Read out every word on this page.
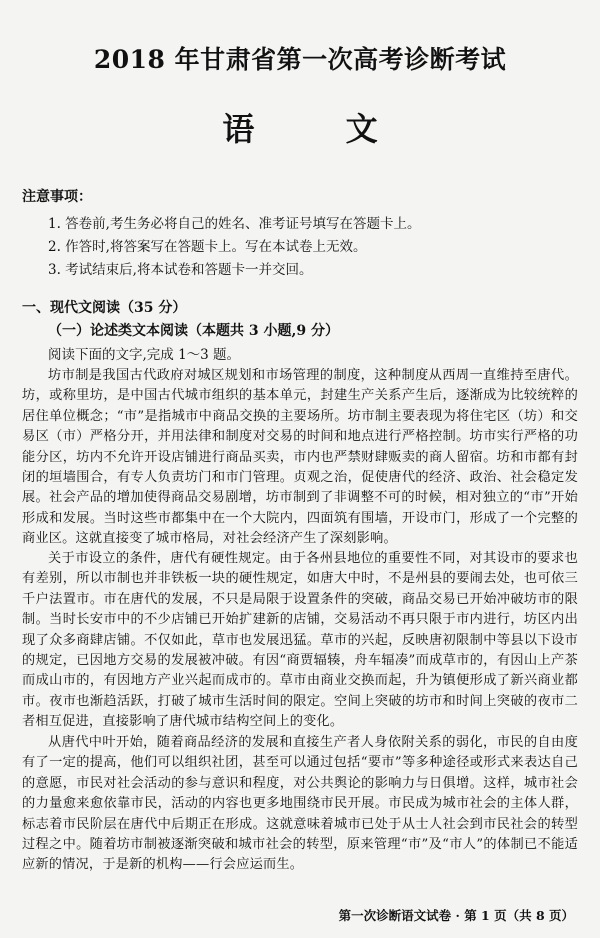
2018 年甘肃省第一次高考诊断考试
语 文
注意事项：
1. 答卷前,考生务必将自己的姓名、准考证号填写在答题卡上。
2. 作答时,将答案写在答题卡上。写在本试卷上无效。
3. 考试结束后,将本试卷和答题卡一并交回。
一、现代文阅读（35 分）
（一）论述类文本阅读（本题共 3 小题,9 分）
阅读下面的文字,完成 1～3 题。
坊市制是我国古代政府对城区规划和市场管理的制度，这种制度从西周一直维持至唐代。坊，或称里坊，是中国古代城市组织的基本单元，封建生产关系产生后，逐渐成为比较统粹的居住单位概念；“市”是指城市中商品交换的主要场所。坊市制主要表现为将住宅区（坊）和交易区（市）严格分开，并用法律和制度对交易的时间和地点进行严格控制。坊市实行严格的功能分区，坊内不允许开设店铺进行商品买卖，市内也严禁财肆贩卖的商人留宿。坊和市都有封闭的垣墙围合，有专人负责坊门和市门管理。贞观之治，促使唐代的经济、政治、社会稳定发展。社会产品的增加使得商品交易剧增，坊市制到了非调整不可的时候，相对独立的“市”开始形成和发展。当时这些市都集中在一个大院内，四面筑有围墙，开设市门，形成了一个完整的商业区。这就直接变了城市格局，对社会经济产生了深刻影响。
关于市设立的条件，唐代有硬性规定。由于各州县地位的重要性不同，对其设市的要求也有差别，所以市制也并非铁板一块的硬性规定，如唐大中时，不是州县的要闹去处，也可依三千户法置市。市在唐代的发展，不只是局限于设置条件的突破，商品交易已开始冲破坊市的限制。当时长安市中的不少店铺已开始扩建新的店铺，交易活动不再只限于市内进行，坊区内出现了众多商肆店铺。不仅如此，草市也发展迅猛。草市的兴起，反映唐初限制中等县以下设市的规定，已因地方交易的发展被冲破。有因“商贾辐辏，舟车辐凑”而成草市的，有因山上产茶而成山市的，有因地方产业兴起而成市的。草市由商业交换而起，升为镇便形成了新兴商业都市。夜市也渐趋活跃，打破了城市生活时间的限定。空间上突破的坊市和时间上突破的夜市二者相互促进，直接影响了唐代城市结构空间上的变化。
从唐代中叶开始，随着商品经济的发展和直接生产者人身依附关系的弱化，市民的自由度有了一定的提高，他们可以组织社团，甚至可以通过包括“要市”等多种途径或形式来表达自己的意愿，市民对社会活动的参与意识和程度，对公共舆论的影响力与日俱增。这样，城市社会的力量愈来愈依靠市民，活动的内容也更多地围绕市民开展。市民成为城市社会的主体人群，标志着市民阶层在唐代中后期正在形成。这就意味着城市已处于从士人社会到市民社会的转型过程之中。随着坊市制被逐渐突破和城市社会的转型，原来管理“市”及“市人”的体制已不能适应新的情况，于是新的机构——行会应运而生。
第一次诊断语文试卷 · 第 1 页（共 8 页）
